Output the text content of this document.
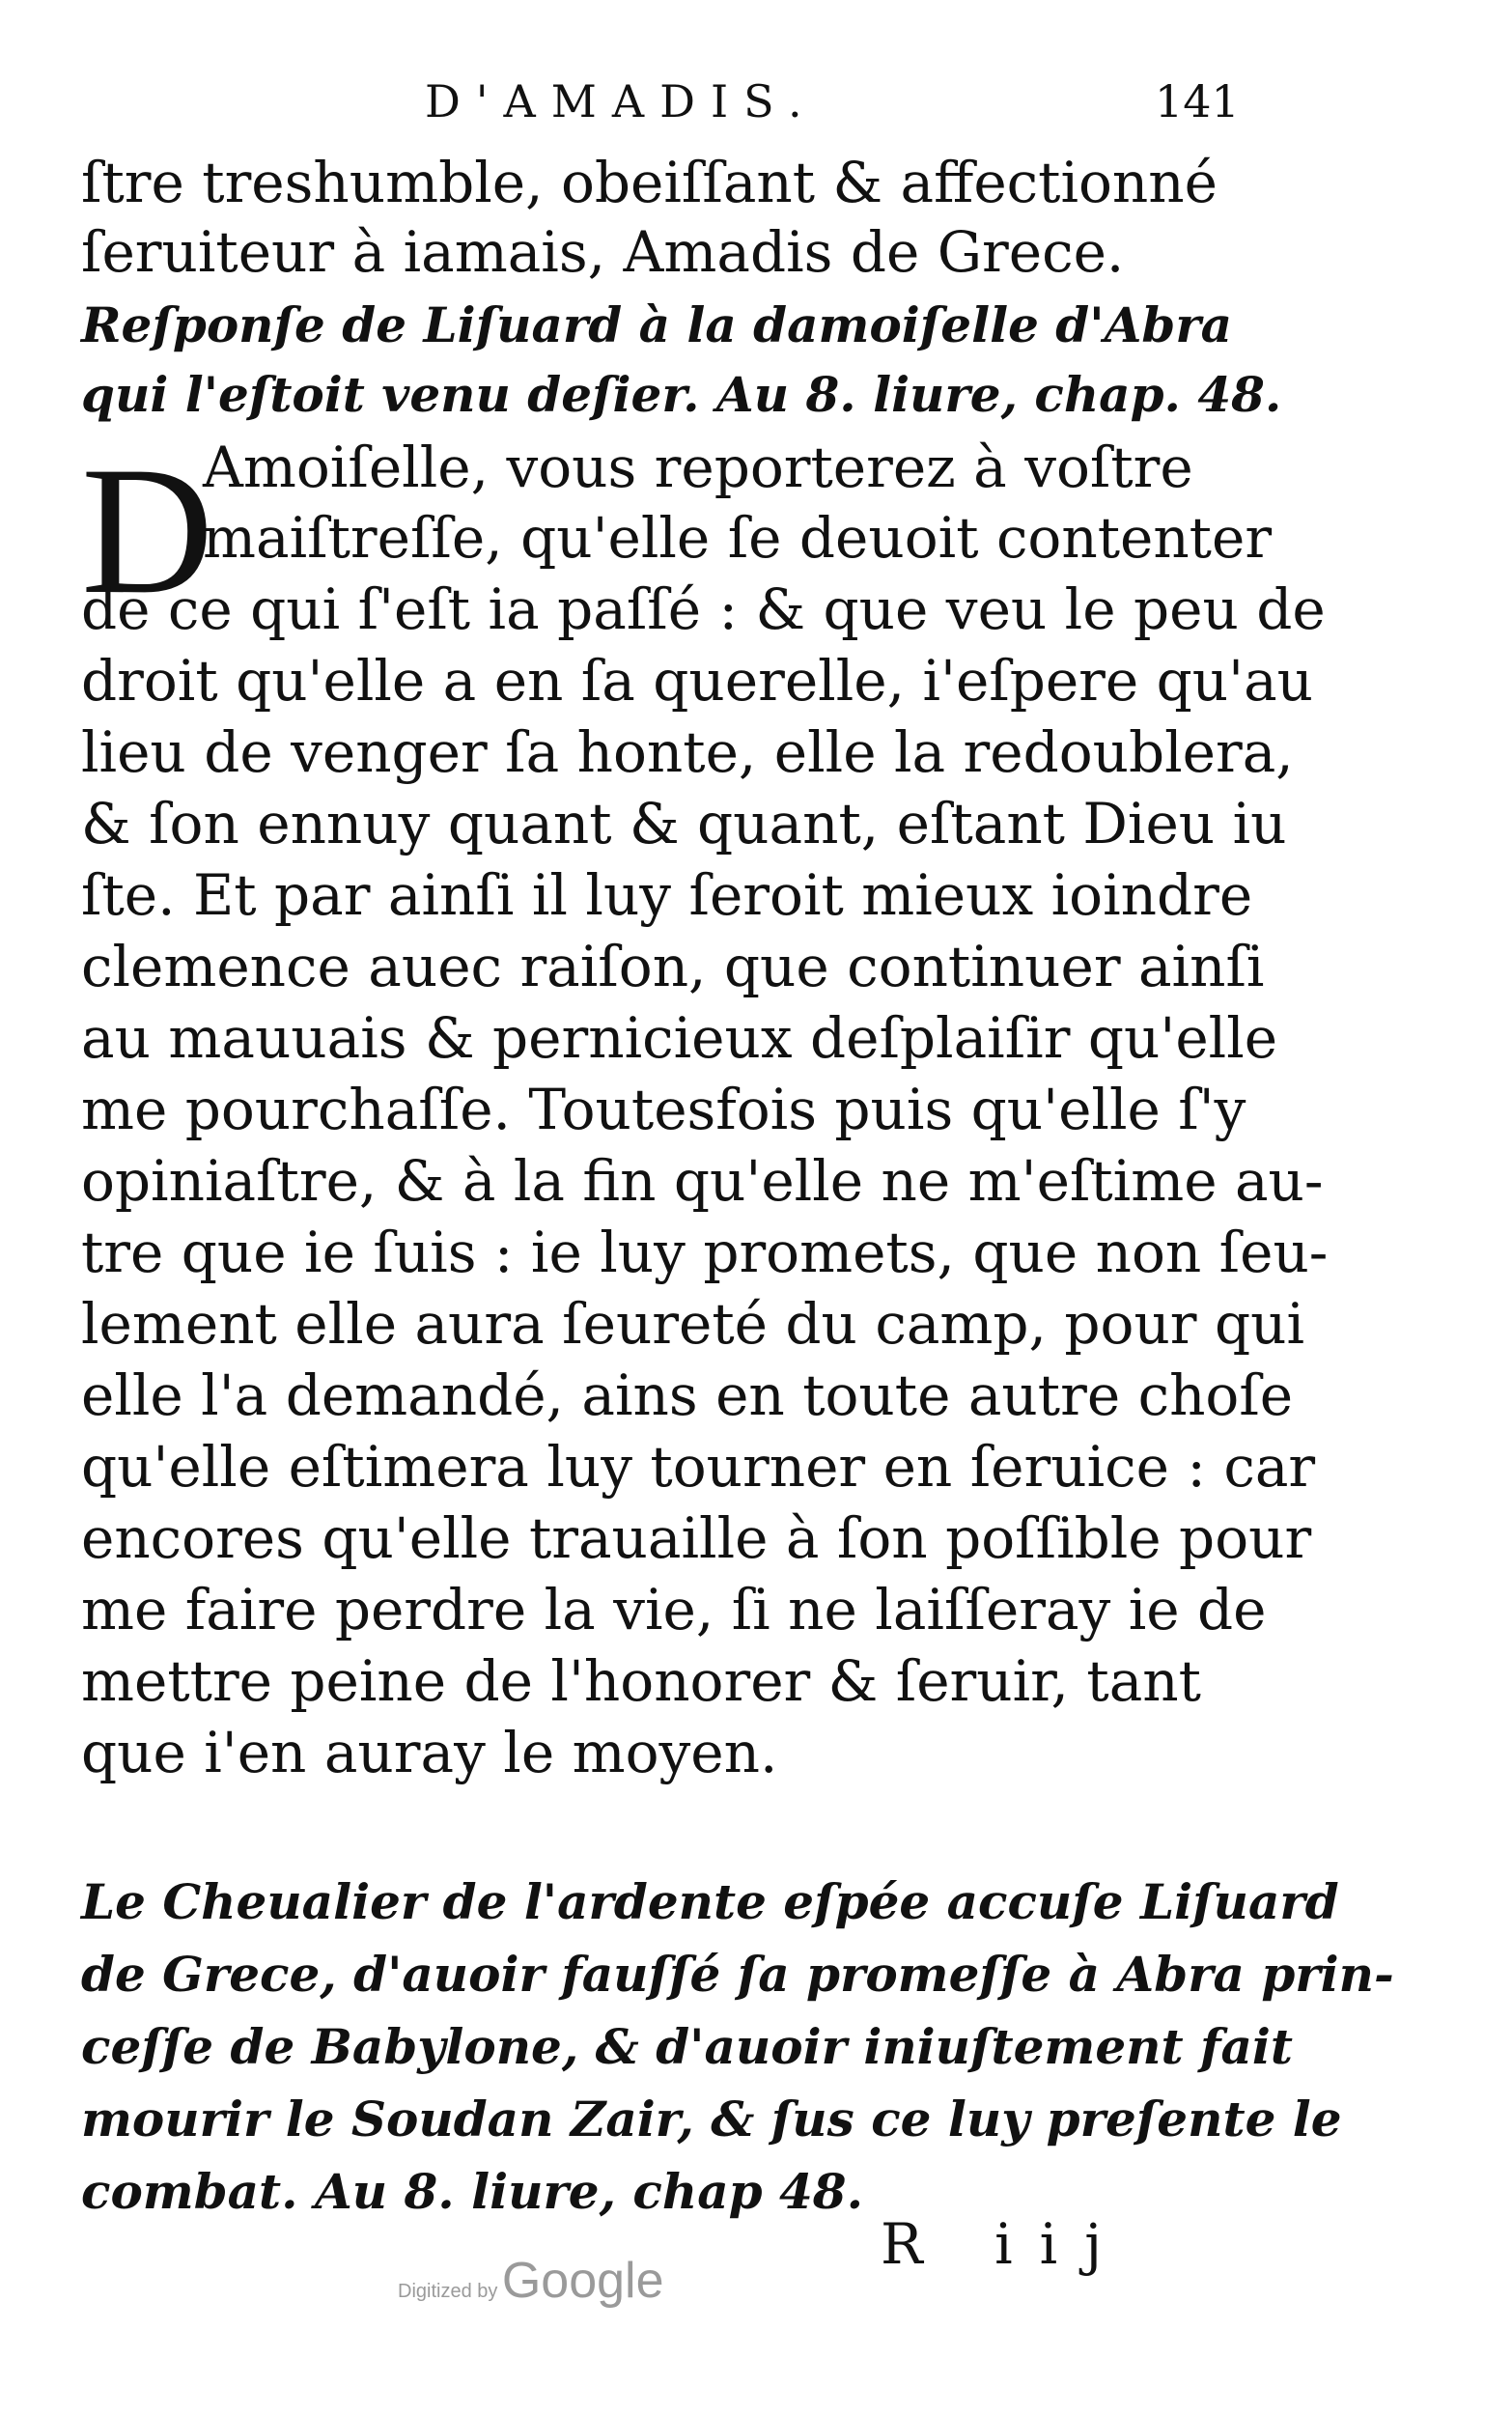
D'AMADIS.	141
ſtre treshumble, obeiſſant & affectionné
ſeruiteur à iamais, Amadis de Grece.
Reſponſe de Liſuard à la damoiſelle d'Abra
qui l'eſtoit venu deſier. Au 8. liure, chap. 48.
D
Amoiſelle, vous reporterez à voſtre
maiſtreſſe, qu'elle ſe deuoit contenter
de ce qui ſ'eſt ia paſſé : & que veu le peu de
droit qu'elle a en ſa querelle, i'eſpere qu'au
lieu de venger ſa honte, elle la redoublera,
& ſon ennuy quant & quant, eſtant Dieu iu
ſte. Et par ainſi il luy ſeroit mieux ioindre
clemence auec raiſon, que continuer ainſi
au mauuais & pernicieux deſplaiſir qu'elle
me pourchaſſe. Toutesfois puis qu'elle ſ'y
opiniaſtre, & à la fin qu'elle ne m'eſtime au-
tre que ie ſuis : ie luy promets, que non ſeu-
lement elle aura ſeureté du camp, pour qui
elle l'a demandé, ains en toute autre choſe
qu'elle eſtimera luy tourner en ſeruice : car
encores qu'elle trauaille à ſon poſſible pour
me faire perdre la vie, ſi ne laiſſeray ie de
mettre peine de l'honorer & ſeruir, tant
que i'en auray le moyen.
Le Cheualier de l'ardente eſpée accuſe Liſuard
de Grece, d'auoir fauſſé ſa promeſſe à Abra prin-
ceſſe de Babylone, & d'auoir iniuſtement fait
mourir le Soudan Zair, & ſus ce luy preſente le
combat. Au 8. liure, chap 48.
R iij
Digitized by Google
